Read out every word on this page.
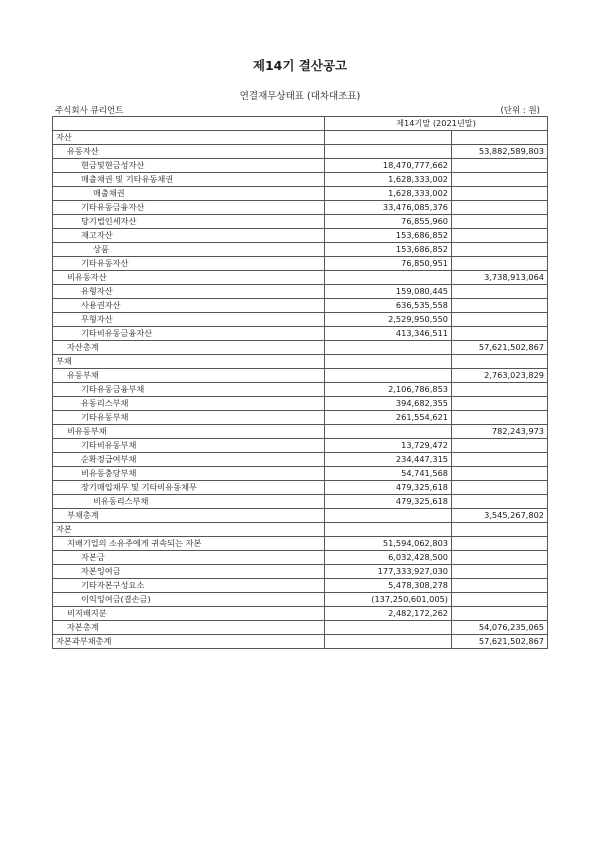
제14기 결산공고
연결재무상태표 (대차대조표)
주식회사 큐리언트	(단위 : 원)
	제14기말 (2021년말)	
자산		
유동자산		53,882,589,803
현금및현금성자산	18,470,777,662	
매출채권 및 기타유동채권	1,628,333,002	
매출채권	1,628,333,002	
기타유동금융자산	33,476,085,376	
당기법인세자산	76,855,960	
재고자산	153,686,852	
상품	153,686,852	
기타유동자산	76,850,951	
비유동자산		3,738,913,064
유형자산	159,080,445	
사용권자산	636,535,558	
무형자산	2,529,950,550	
기타비유동금융자산	413,346,511	
자산총계		57,621,502,867
부채		
유동부채		2,763,023,829
기타유동금융부채	2,106,786,853	
유동리스부채	394,682,355	
기타유동부채	261,554,621	
비유동부채		782,243,973
기타비유동부채	13,729,472	
순확정급여부채	234,447,315	
비유동충당부채	54,741,568	
장기매입채무 및 기타비유동채무	479,325,618	
비유동리스부채	479,325,618	
부채총계		3,545,267,802
자본		
지배기업의 소유주에게 귀속되는 자본	51,594,062,803	
자본금	6,032,428,500	
자본잉여금	177,333,927,030	
기타자본구성요소	5,478,308,278	
이익잉여금(결손금)	(137,250,601,005)	
비지배지분	2,482,172,262	
자본총계		54,076,235,065
자본과부채총계		57,621,502,867
